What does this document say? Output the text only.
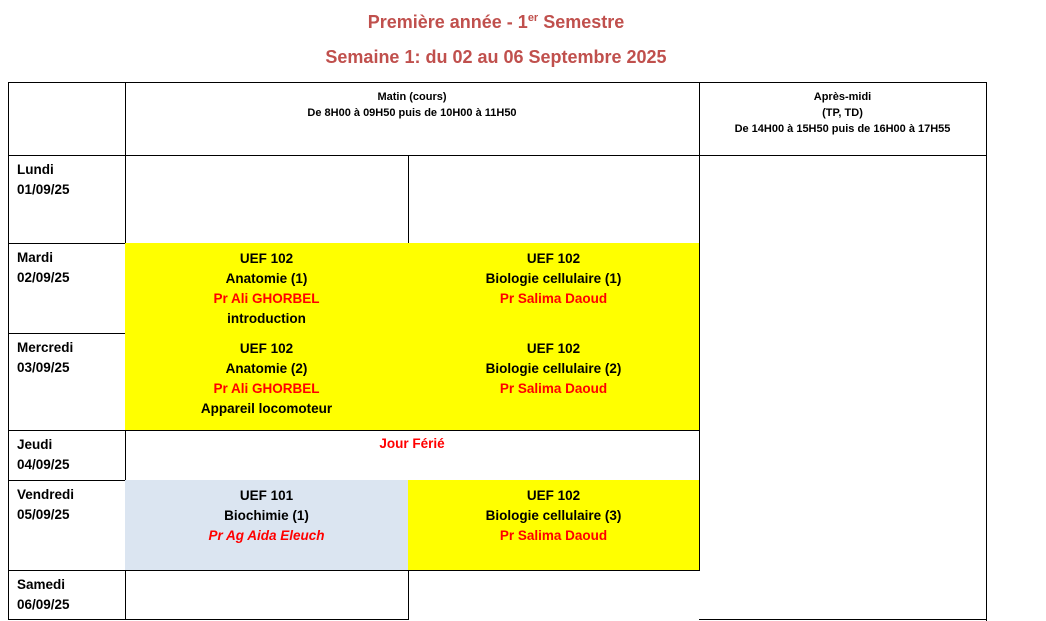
Première année - 1er Semestre
Semaine 1: du 02 au 06 Septembre 2025
Matin (cours)
De 8H00 à 09H50 puis de 10H00 à 11H50
Après-midi
(TP, TD)
De 14H00 à 15H50 puis de 16H00 à 17H55
Lundi
01/09/25
Mardi
02/09/25
UEF 102
Anatomie (1)
Pr Ali GHORBEL
introduction
UEF 102
Biologie cellulaire (1)
Pr Salima Daoud
Mercredi
03/09/25
UEF 102
Anatomie (2)
Pr Ali GHORBEL
Appareil locomoteur
UEF 102
Biologie cellulaire (2)
Pr Salima Daoud
Jeudi
04/09/25
Jour Férié
Vendredi
05/09/25
UEF 101
Biochimie (1)
Pr Ag Aida Eleuch
UEF 102
Biologie cellulaire (3)
Pr Salima Daoud
Samedi
06/09/25
